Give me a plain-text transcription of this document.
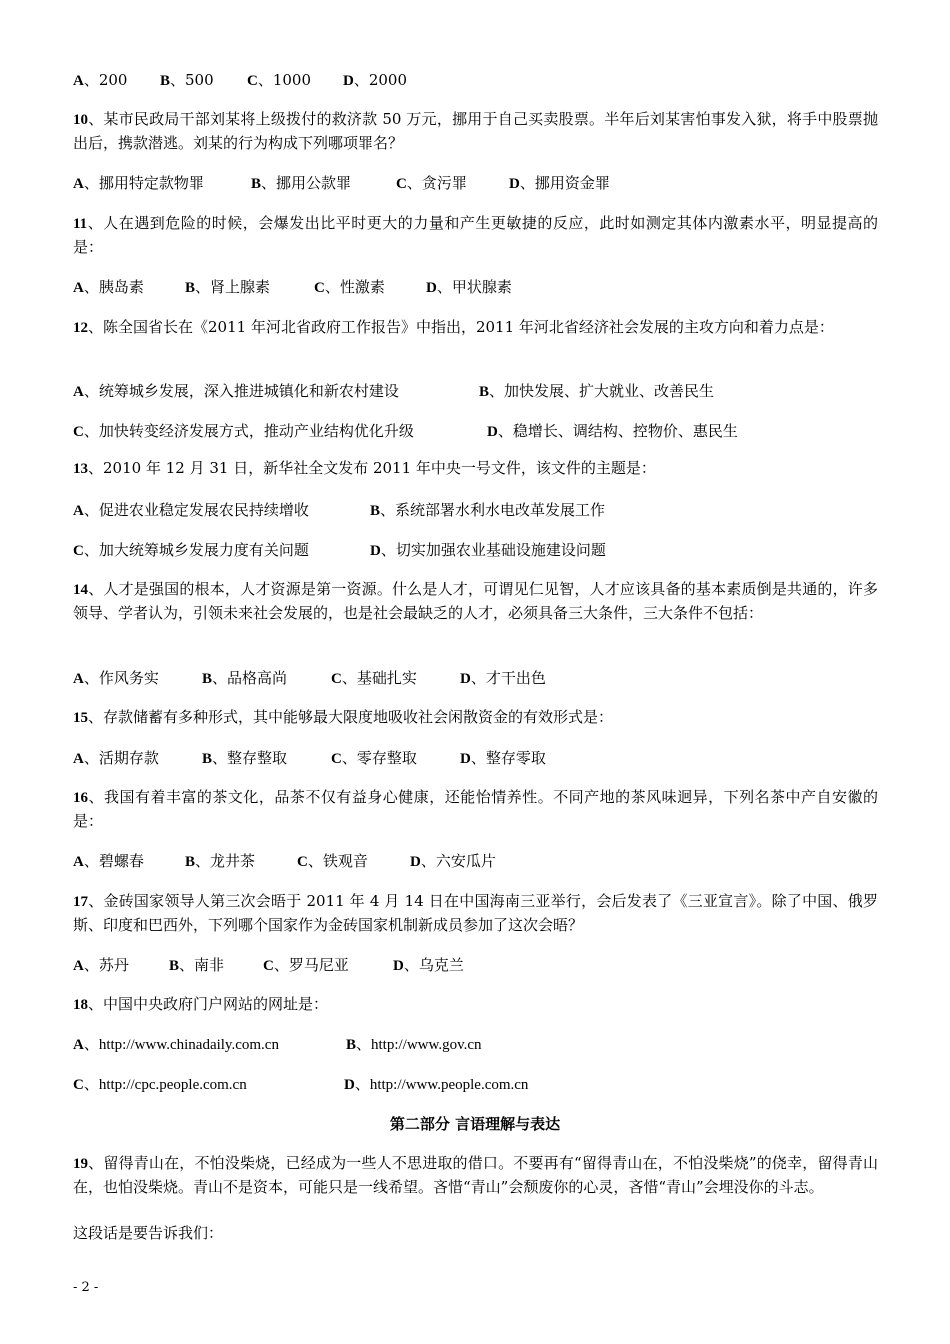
A、200 B、500 C、1000 D、2000
10、某市民政局干部刘某将上级拨付的救济款 50 万元，挪用于自己买卖股票。半年后刘某害怕事发入狱，将手中股票抛出后，携款潜逃。刘某的行为构成下列哪项罪名？
A、挪用特定款物罪	B、挪用公款罪	C、贪污罪	D、挪用资金罪
11、人在遇到危险的时候，会爆发出比平时更大的力量和产生更敏捷的反应，此时如测定其体内激素水平，明显提高的是：
A、胰岛素	B、肾上腺素	C、性激素	D、甲状腺素
12、陈全国省长在《2011 年河北省政府工作报告》中指出，2011 年河北省经济社会发展的主攻方向和着力点是：
A、统筹城乡发展，深入推进城镇化和新农村建设	B、加快发展、扩大就业、改善民生
C、加快转变经济发展方式，推动产业结构优化升级	D、稳增长、调结构、控物价、惠民生
13、2010 年 12 月 31 日，新华社全文发布 2011 年中央一号文件，该文件的主题是：
A、促进农业稳定发展农民持续增收	B、系统部署水利水电改革发展工作
C、加大统筹城乡发展力度有关问题	D、切实加强农业基础设施建设问题
14、人才是强国的根本，人才资源是第一资源。什么是人才，可谓见仁见智，人才应该具备的基本素质倒是共通的，许多领导、学者认为，引领未来社会发展的，也是社会最缺乏的人才，必须具备三大条件，三大条件不包括：
A、作风务实	B、品格高尚	C、基础扎实	D、才干出色
15、存款储蓄有多种形式，其中能够最大限度地吸收社会闲散资金的有效形式是：
A、活期存款	B、整存整取	C、零存整取	D、整存零取
16、我国有着丰富的茶文化，品茶不仅有益身心健康，还能怡情养性。不同产地的茶风味迥异，下列名茶中产自安徽的是：
A、碧螺春	B、龙井茶	C、铁观音	D、六安瓜片
17、金砖国家领导人第三次会晤于 2011 年 4 月 14 日在中国海南三亚举行，会后发表了《三亚宣言》。除了中国、俄罗斯、印度和巴西外，下列哪个国家作为金砖国家机制新成员参加了这次会晤？
A、苏丹	B、南非	C、罗马尼亚	D、乌克兰
18、中国中央政府门户网站的网址是：
A、http://www.chinadaily.com.cn	B、http://www.gov.cn
C、http://cpc.people.com.cn	D、http://www.people.com.cn
第二部分 言语理解与表达
19、留得青山在，不怕没柴烧，已经成为一些人不思进取的借口。不要再有“留得青山在，不怕没柴烧”的侥幸，留得青山在，也怕没柴烧。青山不是资本，可能只是一线希望。吝惜“青山”会颓废你的心灵，吝惜“青山”会埋没你的斗志。
这段话是要告诉我们：
- 2 -
